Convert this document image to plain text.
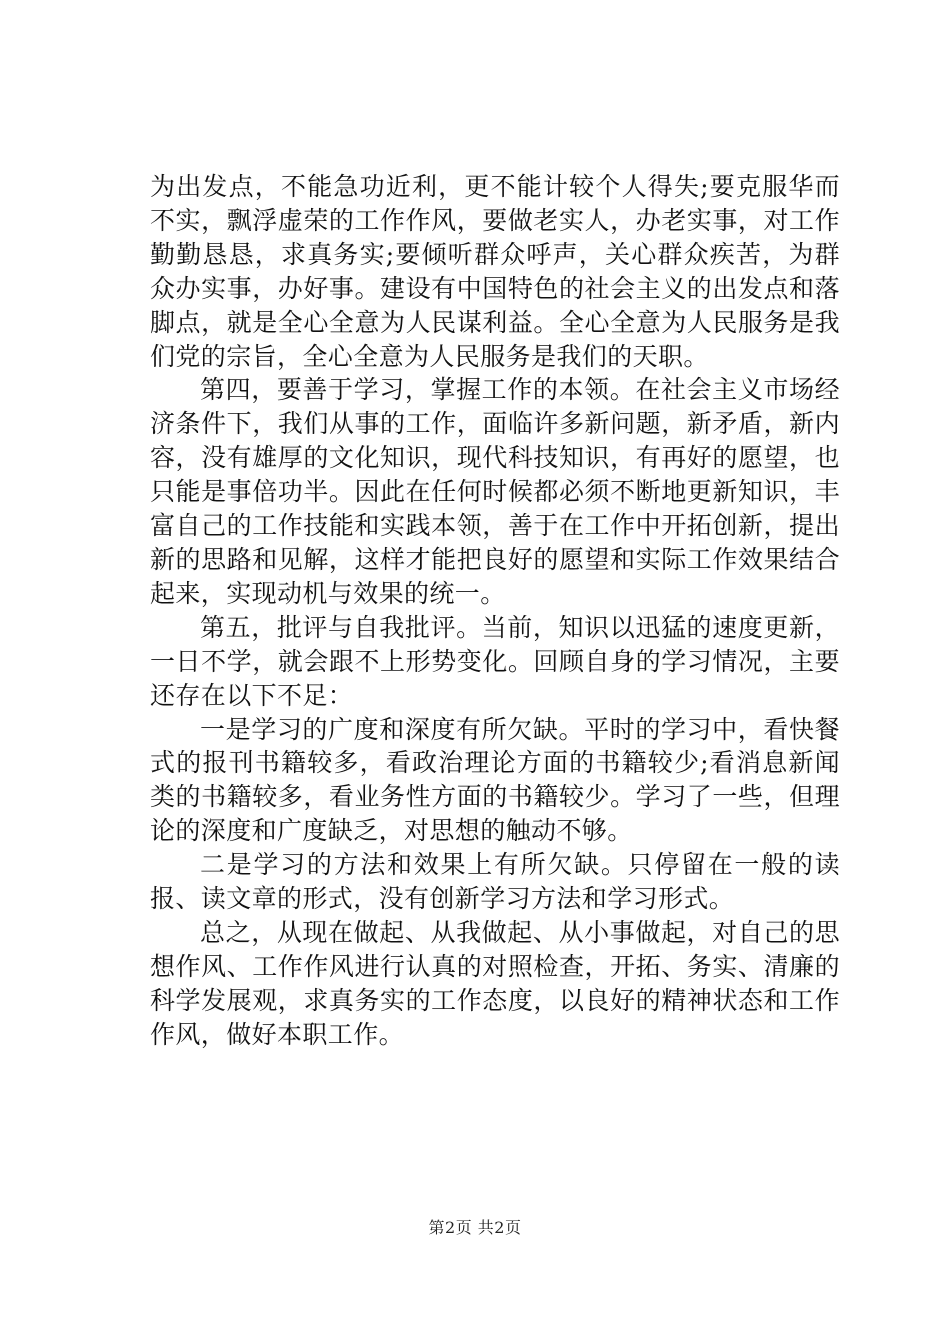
为出发点，不能急功近利，更不能计较个人得失;要克服华而不实，飘浮虚荣的工作作风，要做老实人，办老实事，对工作勤勤恳恳，求真务实;要倾听群众呼声，关心群众疾苦，为群众办实事，办好事。建设有中国特色的社会主义的出发点和落脚点，就是全心全意为人民谋利益。全心全意为人民服务是我们党的宗旨，全心全意为人民服务是我们的天职。

第四，要善于学习，掌握工作的本领。在社会主义市场经济条件下，我们从事的工作，面临许多新问题，新矛盾，新内容，没有雄厚的文化知识，现代科技知识，有再好的愿望，也只能是事倍功半。因此在任何时候都必须不断地更新知识，丰富自己的工作技能和实践本领，善于在工作中开拓创新，提出新的思路和见解，这样才能把良好的愿望和实际工作效果结合起来，实现动机与效果的统一。

第五，批评与自我批评。当前，知识以迅猛的速度更新，一日不学，就会跟不上形势变化。回顾自身的学习情况，主要还存在以下不足：

一是学习的广度和深度有所欠缺。平时的学习中，看快餐式的报刊书籍较多，看政治理论方面的书籍较少;看消息新闻类的书籍较多，看业务性方面的书籍较少。学习了一些，但理论的深度和广度缺乏，对思想的触动不够。

二是学习的方法和效果上有所欠缺。只停留在一般的读报、读文章的形式，没有创新学习方法和学习形式。

总之，从现在做起、从我做起、从小事做起，对自己的思想作风、工作作风进行认真的对照检查，开拓、务实、清廉的科学发展观，求真务实的工作态度，以良好的精神状态和工作作风，做好本职工作。

第2页 共2页
